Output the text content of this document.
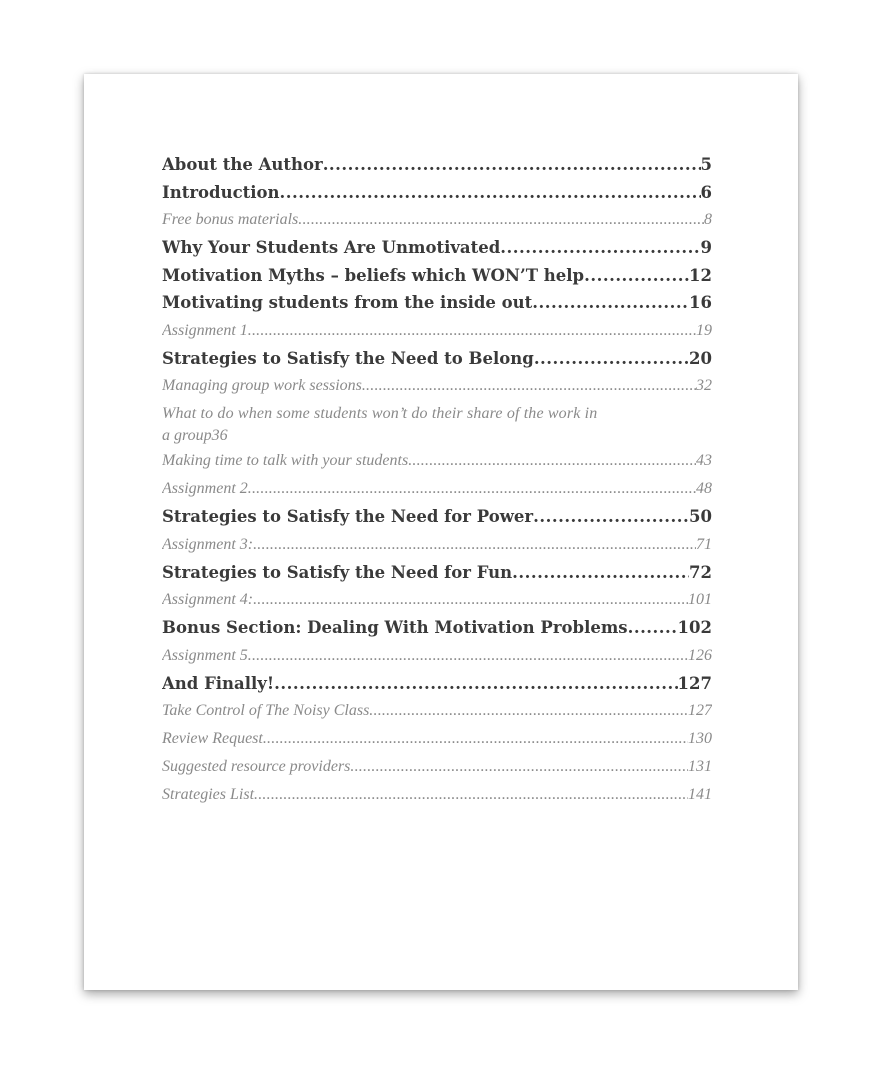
About the Author .....	5
Introduction .....	6
Free bonus materials .....	8
Why Your Students Are Unmotivated .....	9
Motivation Myths – beliefs which WON’T help .....	12
Motivating students from the inside out .....	16
Assignment 1 .....	19
Strategies to Satisfy the Need to Belong .....	20
Managing group work sessions .....	32
What to do when some students won’t do their share of the work in
a group 36
Making time to talk with your students .....	43
Assignment 2 .....	48
Strategies to Satisfy the Need for Power .....	50
Assignment 3: .....	71
Strategies to Satisfy the Need for Fun .....	72
Assignment 4: .....	101
Bonus Section: Dealing With Motivation Problems .....	102
Assignment 5 .....	126
And Finally! .....	127
Take Control of The Noisy Class .....	127
Review Request .....	130
Suggested resource providers .....	131
Strategies List .....	141
